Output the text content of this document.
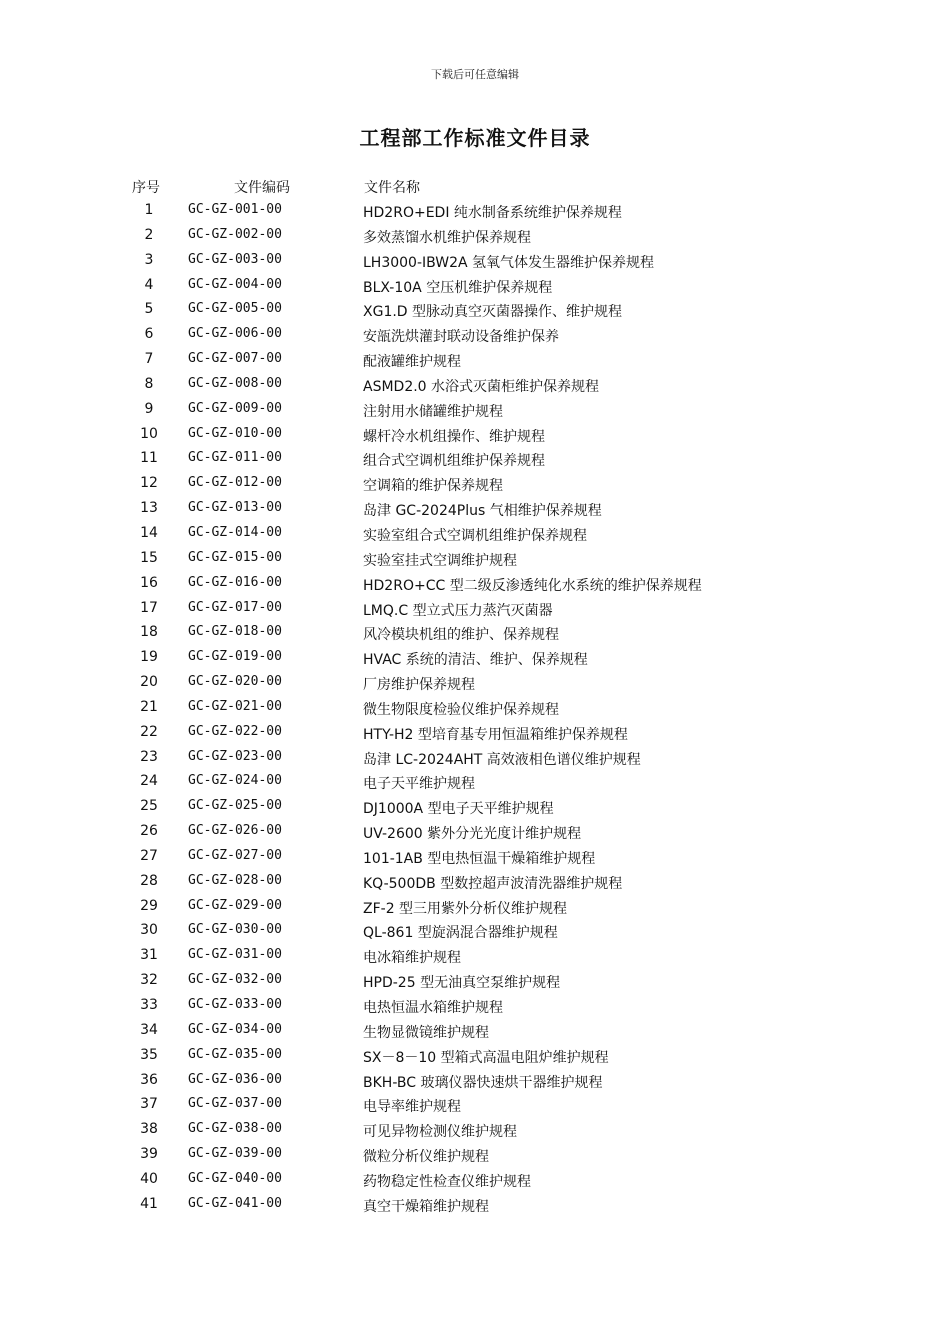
下载后可任意编辑
工程部工作标准文件目录
序号	文件编码	文件名称
1	GC-GZ-001-00	HD2RO+EDI 纯水制备系统维护保养规程
2	GC-GZ-002-00	多效蒸馏水机维护保养规程
3	GC-GZ-003-00	LH3000-IBW2A 氢氧气体发生器维护保养规程
4	GC-GZ-004-00	BLX-10A 空压机维护保养规程
5	GC-GZ-005-00	XG1.D 型脉动真空灭菌器操作、维护规程
6	GC-GZ-006-00	安瓿洗烘灌封联动设备维护保养
7	GC-GZ-007-00	配液罐维护规程
8	GC-GZ-008-00	ASMD2.0 水浴式灭菌柜维护保养规程
9	GC-GZ-009-00	注射用水储罐维护规程
10	GC-GZ-010-00	螺杆冷水机组操作、维护规程
11	GC-GZ-011-00	组合式空调机组维护保养规程
12	GC-GZ-012-00	空调箱的维护保养规程
13	GC-GZ-013-00	岛津 GC-2024Plus 气相维护保养规程
14	GC-GZ-014-00	实验室组合式空调机组维护保养规程
15	GC-GZ-015-00	实验室挂式空调维护规程
16	GC-GZ-016-00	HD2RO+CC 型二级反渗透纯化水系统的维护保养规程
17	GC-GZ-017-00	LMQ.C 型立式压力蒸汽灭菌器
18	GC-GZ-018-00	风冷模块机组的维护、保养规程
19	GC-GZ-019-00	HVAC 系统的清洁、维护、保养规程
20	GC-GZ-020-00	厂房维护保养规程
21	GC-GZ-021-00	微生物限度检验仪维护保养规程
22	GC-GZ-022-00	HTY-H2 型培育基专用恒温箱维护保养规程
23	GC-GZ-023-00	岛津 LC-2024AHT 高效液相色谱仪维护规程
24	GC-GZ-024-00	电子天平维护规程
25	GC-GZ-025-00	DJ1000A 型电子天平维护规程
26	GC-GZ-026-00	UV-2600 紫外分光光度计维护规程
27	GC-GZ-027-00	101-1AB 型电热恒温干燥箱维护规程
28	GC-GZ-028-00	KQ-500DB 型数控超声波清洗器维护规程
29	GC-GZ-029-00	ZF-2 型三用紫外分析仪维护规程
30	GC-GZ-030-00	QL-861 型旋涡混合器维护规程
31	GC-GZ-031-00	电冰箱维护规程
32	GC-GZ-032-00	HPD-25 型无油真空泵维护规程
33	GC-GZ-033-00	电热恒温水箱维护规程
34	GC-GZ-034-00	生物显微镜维护规程
35	GC-GZ-035-00	SX－8－10 型箱式高温电阻炉维护规程
36	GC-GZ-036-00	BKH-BC 玻璃仪器快速烘干器维护规程
37	GC-GZ-037-00	电导率维护规程
38	GC-GZ-038-00	可见异物检测仪维护规程
39	GC-GZ-039-00	微粒分析仪维护规程
40	GC-GZ-040-00	药物稳定性检查仪维护规程
41	GC-GZ-041-00	真空干燥箱维护规程
